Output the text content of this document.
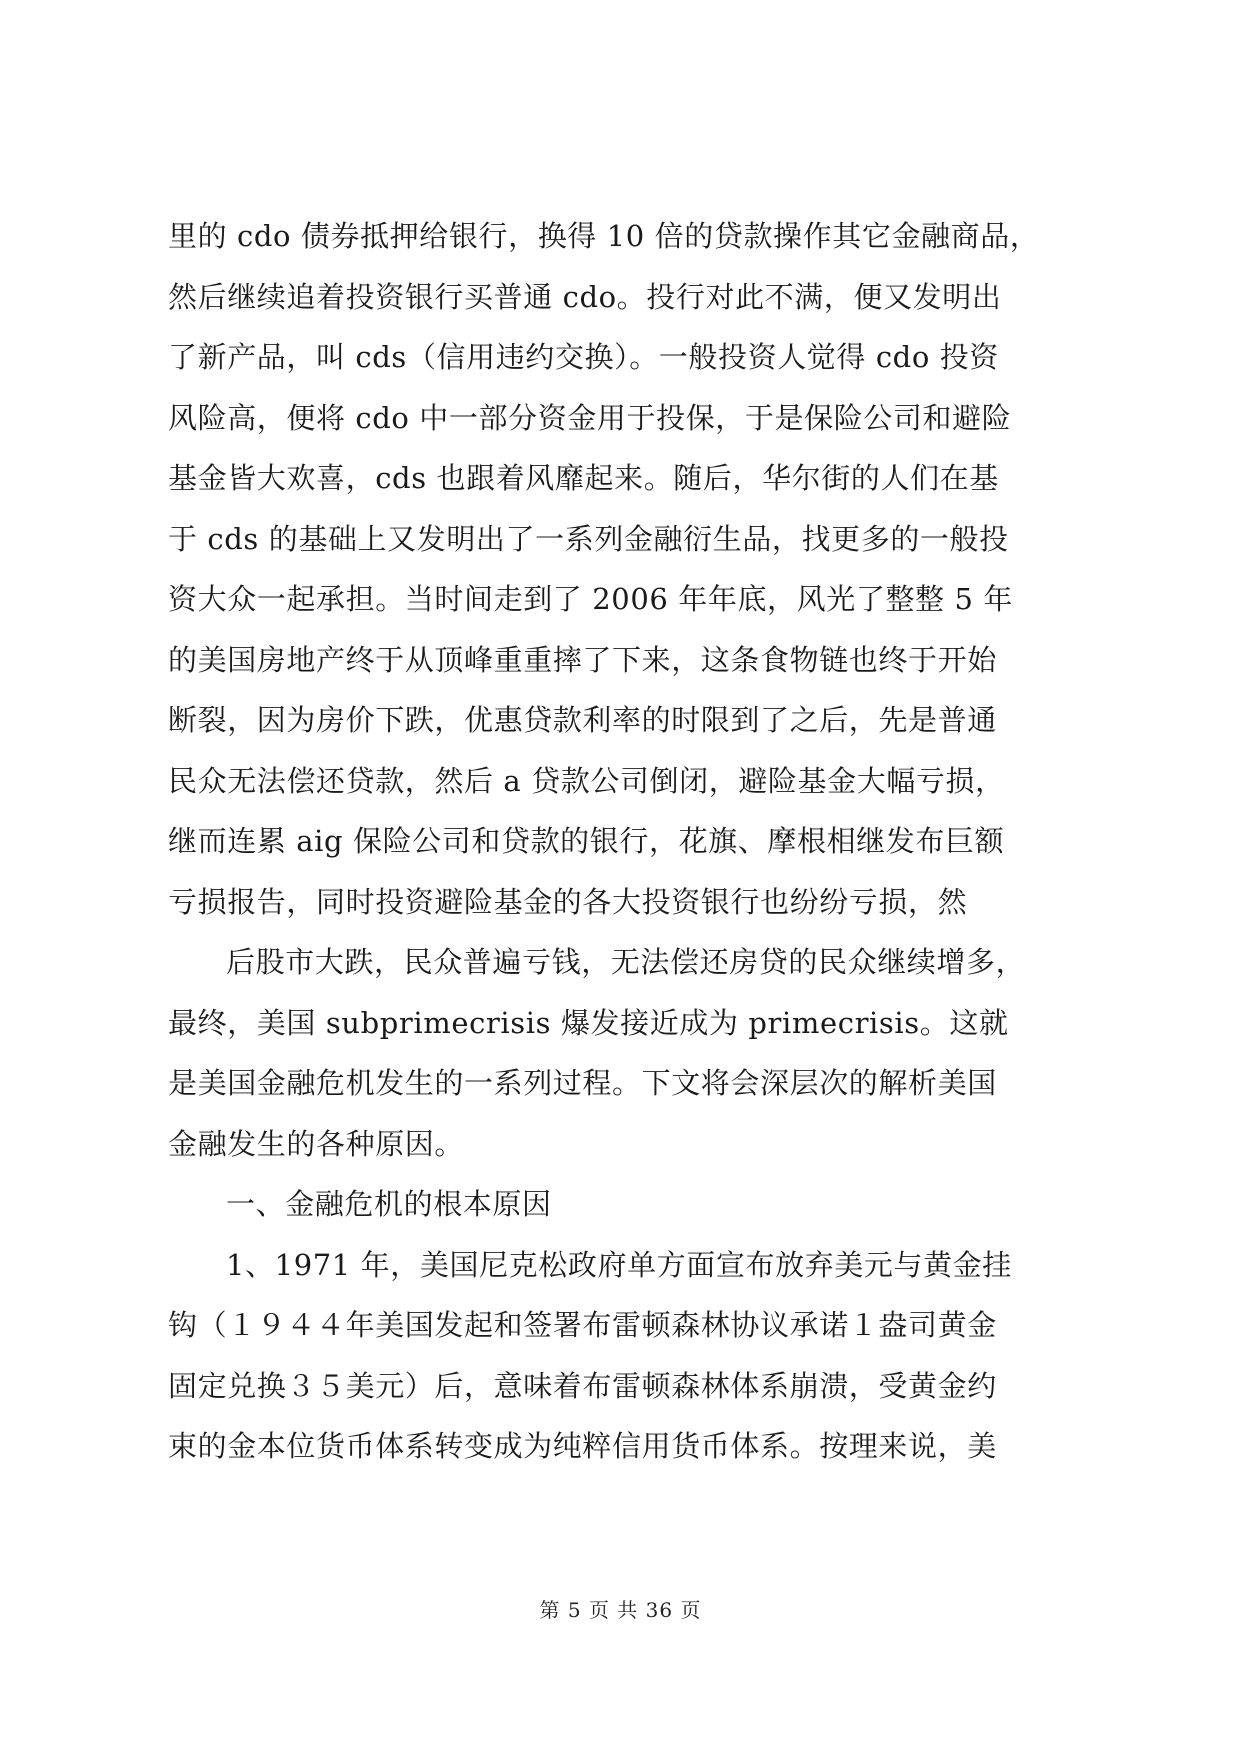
里的 cdo 债券抵押给银行，换得 10 倍的贷款操作其它金融商品，
然后继续追着投资银行买普通 cdo。投行对此不满，便又发明出
了新产品，叫 cds（信用违约交换）。一般投资人觉得 cdo 投资
风险高，便将 cdo 中一部分资金用于投保，于是保险公司和避险
基金皆大欢喜，cds 也跟着风靡起来。随后，华尔街的人们在基
于 cds 的基础上又发明出了一系列金融衍生品，找更多的一般投
资大众一起承担。当时间走到了 2006 年年底，风光了整整 5 年
的美国房地产终于从顶峰重重摔了下来，这条食物链也终于开始
断裂，因为房价下跌，优惠贷款利率的时限到了之后，先是普通
民众无法偿还贷款，然后 a 贷款公司倒闭，避险基金大幅亏损，
继而连累 aig 保险公司和贷款的银行，花旗、摩根相继发布巨额
亏损报告，同时投资避险基金的各大投资银行也纷纷亏损，然
后股市大跌，民众普遍亏钱，无法偿还房贷的民众继续增多，
最终，美国 subprimecrisis 爆发接近成为 primecrisis。这就
是美国金融危机发生的一系列过程。下文将会深层次的解析美国
金融发生的各种原因。
一、金融危机的根本原因
1、1971 年，美国尼克松政府单方面宣布放弃美元与黄金挂
钩（１９４４年美国发起和签署布雷顿森林协议承诺１盎司黄金
固定兑换３５美元）后，意味着布雷顿森林体系崩溃，受黄金约
束的金本位货币体系转变成为纯粹信用货币体系。按理来说，美
第 5 页 共 36 页
